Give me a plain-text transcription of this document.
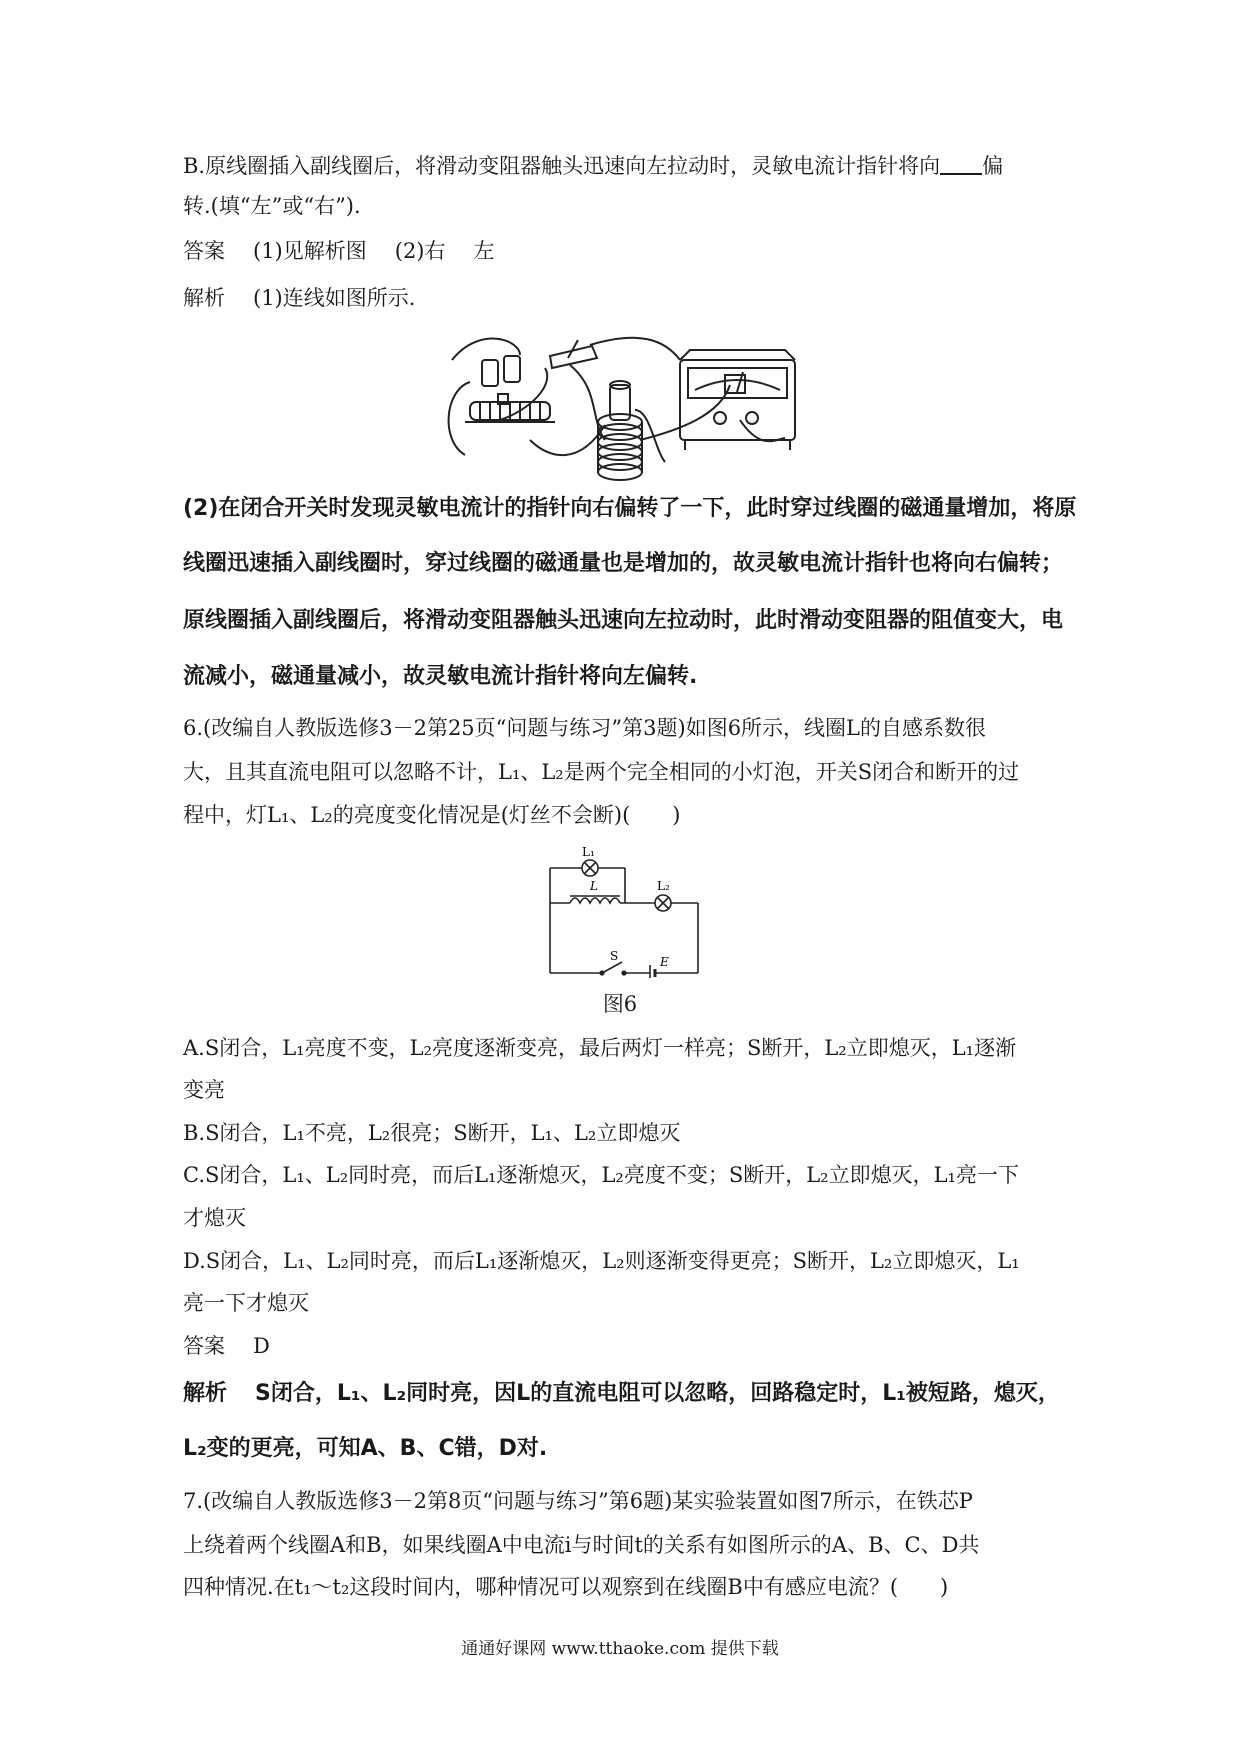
B.原线圈插入副线圈后，将滑动变阻器触头迅速向左拉动时，灵敏电流计指针将向 偏
转.(填“左”或“右”).
答案 (1)见解析图 (2)右 左
解析 (1)连线如图所示.
(2)在闭合开关时发现灵敏电流计的指针向右偏转了一下，此时穿过线圈的磁通量增加，将原
线圈迅速插入副线圈时，穿过线圈的磁通量也是增加的，故灵敏电流计指针也将向右偏转；
原线圈插入副线圈后，将滑动变阻器触头迅速向左拉动时，此时滑动变阻器的阻值变大，电
流减小，磁通量减小，故灵敏电流计指针将向左偏转.
6.(改编自人教版选修3－2第25页“问题与练习”第3题)如图6所示，线圈L的自感系数很
大，且其直流电阻可以忽略不计，L₁、L₂是两个完全相同的小灯泡，开关S闭合和断开的过
程中，灯L₁、L₂的亮度变化情况是(灯丝不会断)(　　)
L₁
L₂
L
S	E
图6
A.S闭合，L₁亮度不变，L₂亮度逐渐变亮，最后两灯一样亮；S断开，L₂立即熄灭，L₁逐渐
变亮
B.S闭合，L₁不亮，L₂很亮；S断开，L₁、L₂立即熄灭
C.S闭合，L₁、L₂同时亮，而后L₁逐渐熄灭，L₂亮度不变；S断开，L₂立即熄灭，L₁亮一下
才熄灭
D.S闭合，L₁、L₂同时亮，而后L₁逐渐熄灭，L₂则逐渐变得更亮；S断开，L₂立即熄灭，L₁
亮一下才熄灭
答案 D
解析 S闭合，L₁、L₂同时亮，因L的直流电阻可以忽略，回路稳定时，L₁被短路，熄灭，
L₂变的更亮，可知A、B、C错，D对.
7.(改编自人教版选修3－2第8页“问题与练习”第6题)某实验装置如图7所示，在铁芯P
上绕着两个线圈A和B，如果线圈A中电流i与时间t的关系有如图所示的A、B、C、D共
四种情况.在t₁～t₂这段时间内，哪种情况可以观察到在线圈B中有感应电流？(　　)
通通好课网 www.tthaoke.com 提供下载
